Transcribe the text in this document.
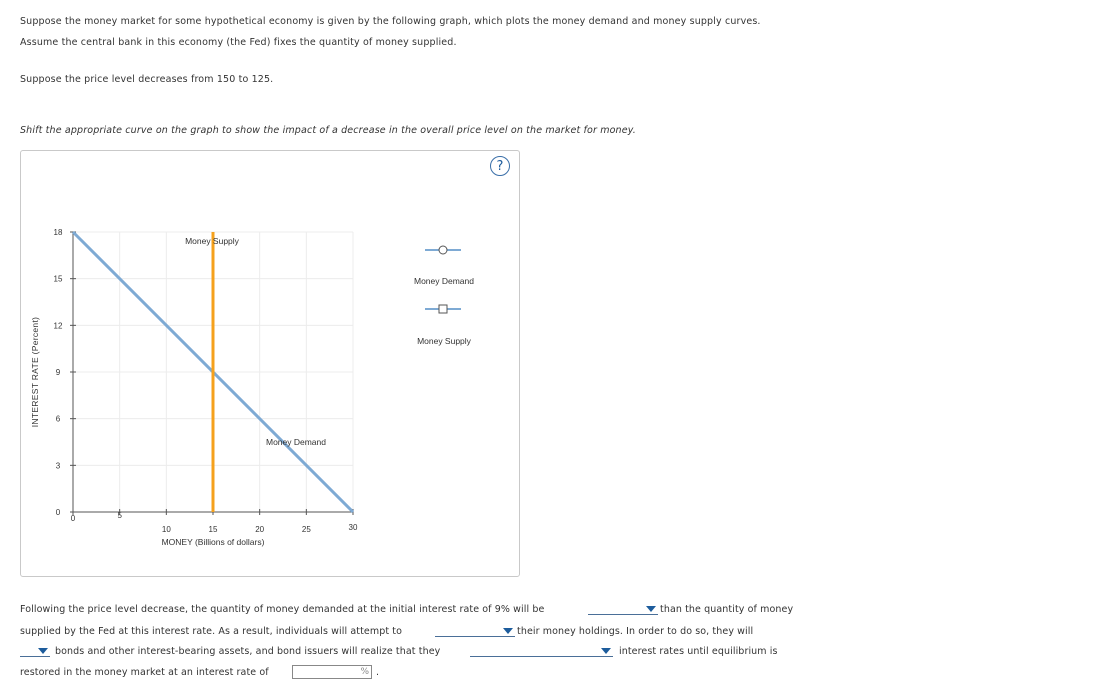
Suppose the money market for some hypothetical economy is given by the following graph, which plots the money demand and money supply curves.
Assume the central bank in this economy (the Fed) fixes the quantity of money supplied.
Suppose the price level decreases from 150 to 125.
Shift the appropriate curve on the graph to show the impact of a decrease in the overall price level on the market for money.
?
0
3
6
9
12
15
18
0	5
10	15	20	25	30
MONEY (Billions of dollars)
INTEREST RATE (Percent)
Money Supply
Money Demand
Money Demand
Money Supply
Following the price level decrease, the quantity of money demanded at the initial interest rate of 9% will be	than the quantity of money
supplied by the Fed at this interest rate. As a result, individuals will attempt to	their money holdings. In order to do so, they will
bonds and other interest-bearing assets, and bond issuers will realize that they	interest rates until equilibrium is
restored in the money market at an interest rate of	% .
